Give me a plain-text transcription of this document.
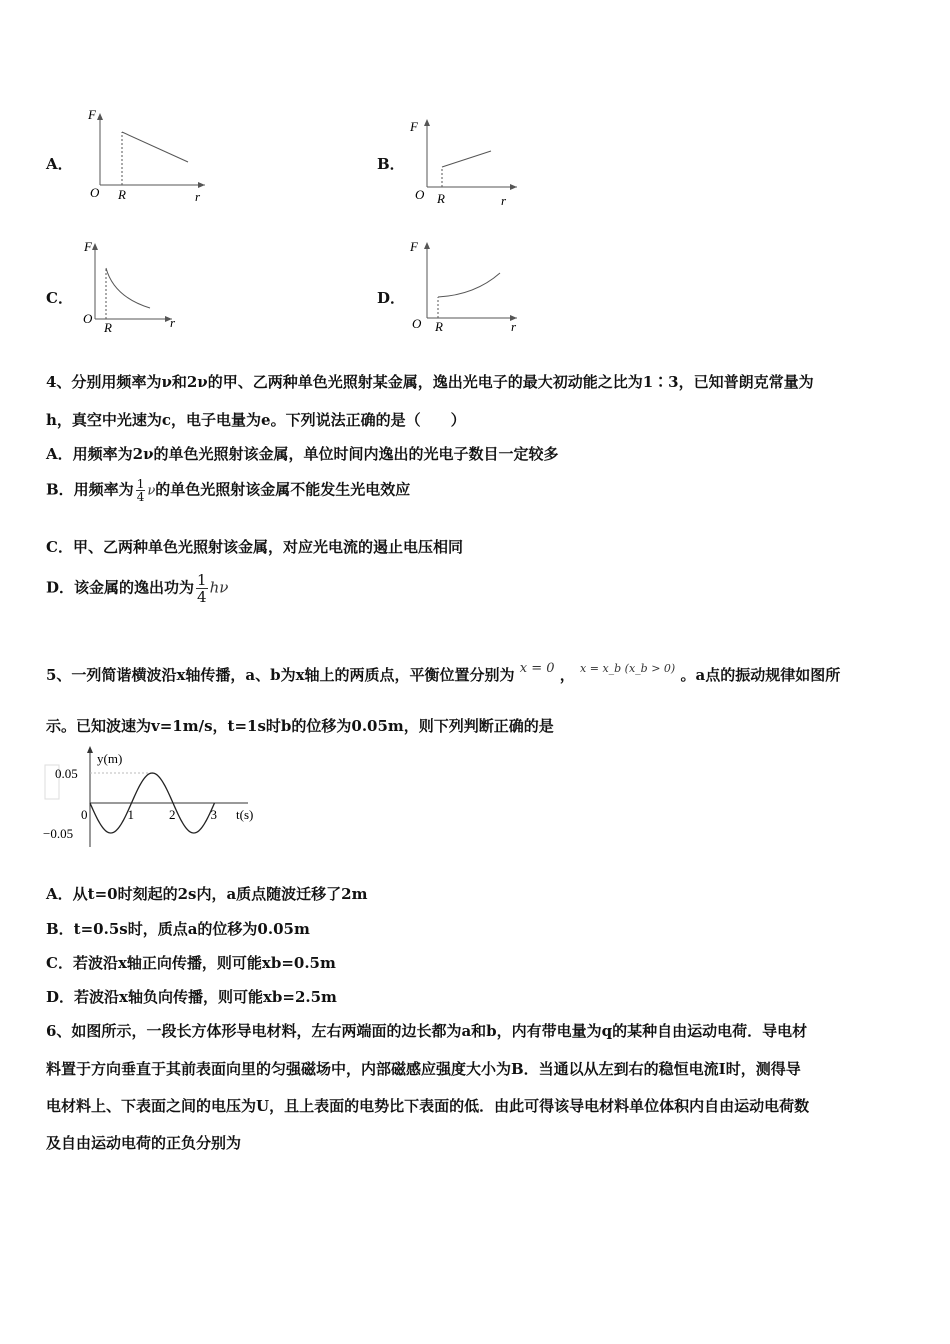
A．
F
O R	r
B．
F
O R	r
C．
F
O
R	r
D．
F
O R	r
4、分别用频率为ν和2ν的甲、乙两种单色光照射某金属，逸出光电子的最大初动能之比为1∶3，已知普朗克常量为
h，真空中光速为c，电子电量为e。下列说法正确的是（　　）
A．用频率为2ν的单色光照射该金属，单位时间内逸出的光电子数目一定较多
B．用频率为 $\frac{1}{4}$ ν的单色光照射该金属不能发生光电效应
C．甲、乙两种单色光照射该金属，对应光电流的遏止电压相同
D．该金属的逸出功为 $\frac{1}{4}$ hν
5、一列简谐横波沿x轴传播，a、b为x轴上的两质点，平衡位置分别为 x = 0 ， $^{x = x\_b (x\_b > 0)}$ 。a点的振动规律如图所
示。已知波速为v=1m/s，t=1s时b的位移为0.05m，则下列判断正确的是
0	1	2	3
0.05
−0.05
y(m)
t(s)
A．从t=0时刻起的2s内，a质点随波迁移了2m
B．t=0.5s时，质点a的位移为0.05m
C．若波沿x轴正向传播，则可能xb=0.5m
D．若波沿x轴负向传播，则可能xb=2.5m
6、如图所示，一段长方体形导电材料，左右两端面的边长都为a和b，内有带电量为q的某种自由运动电荷．导电材
料置于方向垂直于其前表面向里的匀强磁场中，内部磁感应强度大小为B．当通以从左到右的稳恒电流I时，测得导
电材料上、下表面之间的电压为U，且上表面的电势比下表面的低．由此可得该导电材料单位体积内自由运动电荷数
及自由运动电荷的正负分别为
